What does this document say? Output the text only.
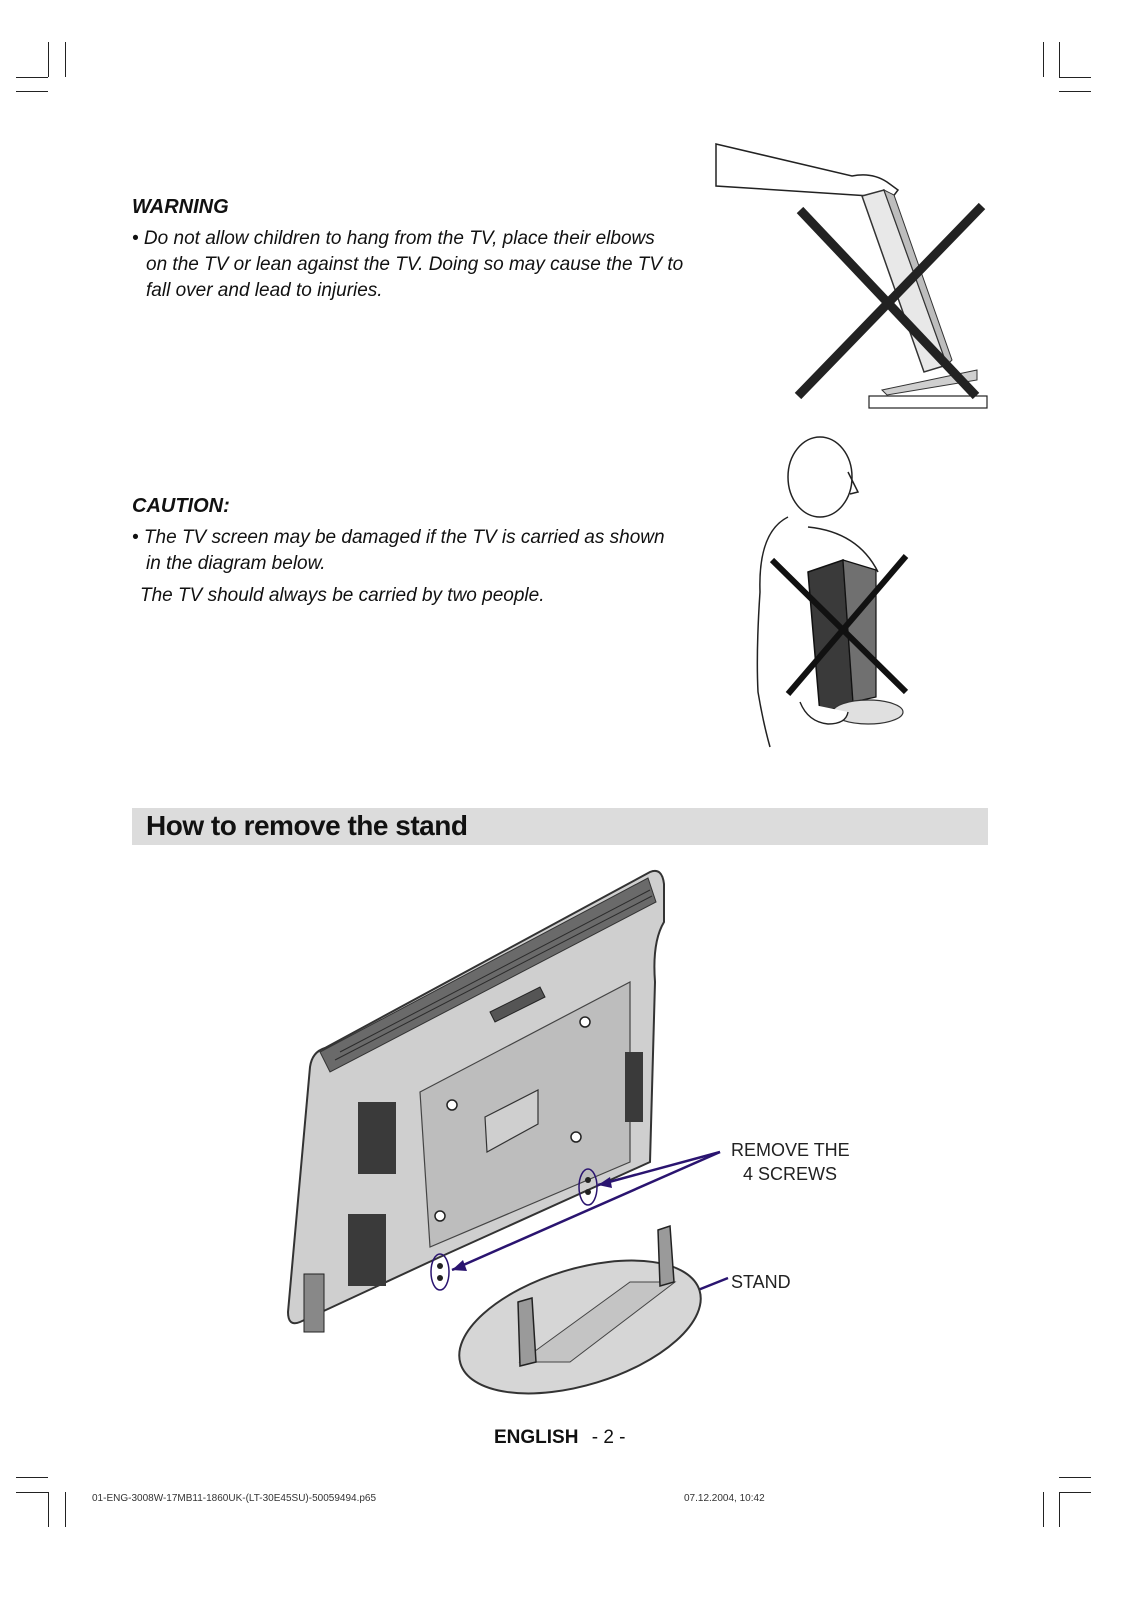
WARNING
• Do not allow children to hang from the TV, place their elbows
on the TV or lean against the TV. Doing so may cause the TV to
fall over and lead to injuries.
CAUTION:
• The TV screen may be damaged if the TV is carried as shown
in the diagram below.
The TV should always be carried by two people.
How to remove the stand
REMOVE THE
4 SCREWS
STAND
ENGLISH - 2 -
01-ENG-3008W-17MB11-1860UK-(LT-30E45SU)-50059494.p65	07.12.2004, 10:42
